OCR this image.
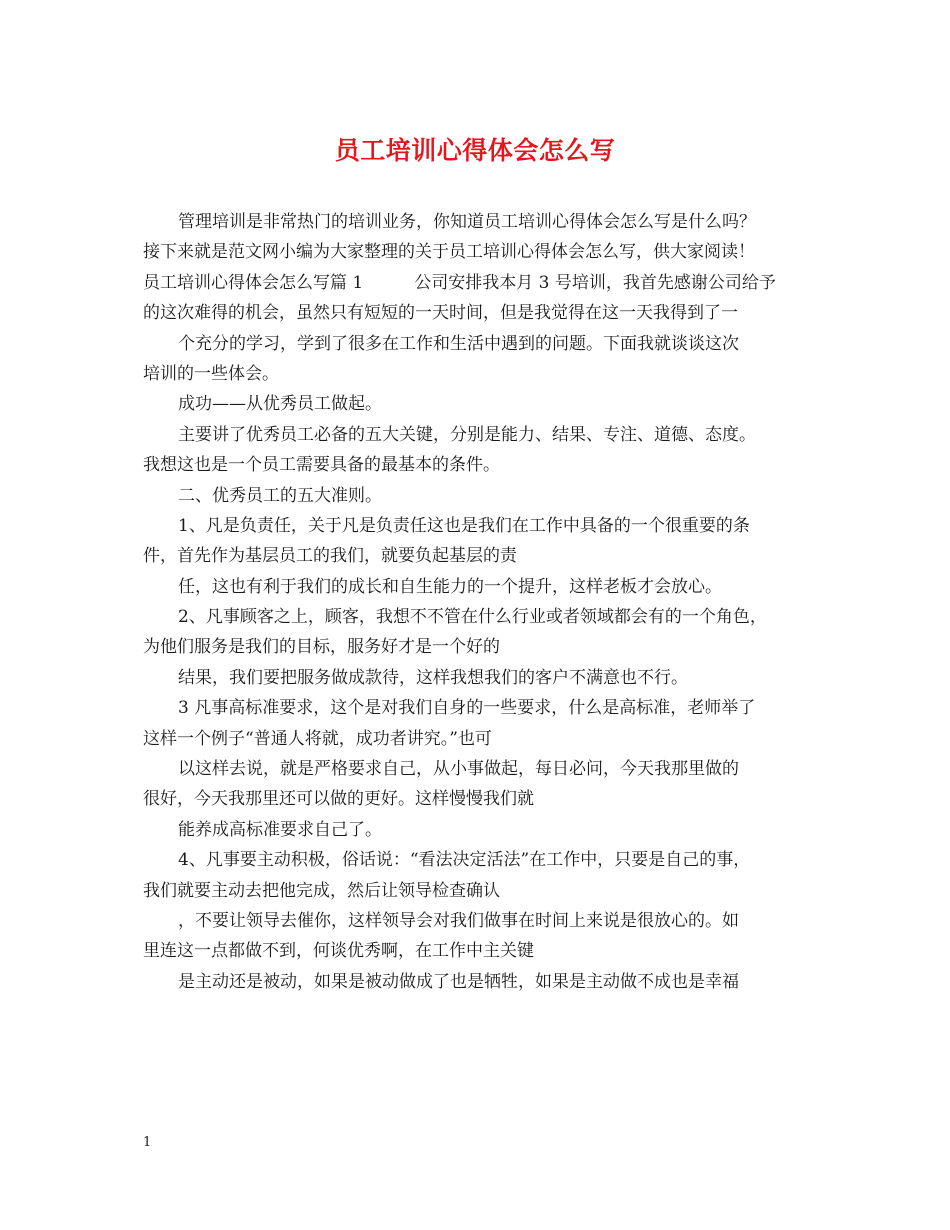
员工培训心得体会怎么写
管理培训是非常热门的培训业务，你知道员工培训心得体会怎么写是什么吗？
接下来就是范文网小编为大家整理的关于员工培训心得体会怎么写，供大家阅读！
员工培训心得体会怎么写篇 1　　　公司安排我本月 3 号培训，我首先感谢公司给予
的这次难得的机会，虽然只有短短的一天时间，但是我觉得在这一天我得到了一
个充分的学习，学到了很多在工作和生活中遇到的问题。下面我就谈谈这次
培训的一些体会。
成功——从优秀员工做起。
主要讲了优秀员工必备的五大关键，分别是能力、结果、专注、道德、态度。
我想这也是一个员工需要具备的最基本的条件。
二、优秀员工的五大准则。
1、凡是负责任，关于凡是负责任这也是我们在工作中具备的一个很重要的条
件，首先作为基层员工的我们，就要负起基层的责
任，这也有利于我们的成长和自生能力的一个提升，这样老板才会放心。
2、凡事顾客之上，顾客，我想不不管在什么行业或者领域都会有的一个角色，
为他们服务是我们的目标，服务好才是一个好的
结果，我们要把服务做成款待，这样我想我们的客户不满意也不行。
3 凡事高标准要求，这个是对我们自身的一些要求，什么是高标准，老师举了
这样一个例子“普通人将就，成功者讲究。”也可
以这样去说，就是严格要求自己，从小事做起，每日必问，今天我那里做的
很好，今天我那里还可以做的更好。这样慢慢我们就
能养成高标准要求自己了。
4、凡事要主动积极，俗话说：“看法决定活法”在工作中，只要是自己的事，
我们就要主动去把他完成，然后让领导检查确认
，不要让领导去催你，这样领导会对我们做事在时间上来说是很放心的。如
里连这一点都做不到，何谈优秀啊，在工作中主关键
是主动还是被动，如果是被动做成了也是牺牲，如果是主动做不成也是幸福
1
